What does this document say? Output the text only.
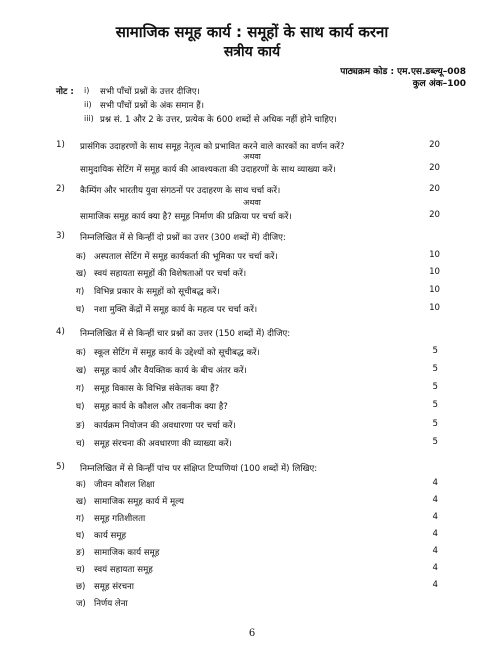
सामाजिक समूह कार्य : समूहों के साथ कार्य करना
सत्रीय कार्य
पाठ्यक्रम कोड : एम.एस.डब्ल्यू–008
कुल अंक–100
नोट : i) सभी पाँचों प्रश्नों के उत्तर दीजिए।
ii) सभी पाँचों प्रश्नों के अंक समान हैं।
iii) प्रश्न सं. 1 और 2 के उत्तर, प्रत्येक के 600 शब्दों से अधिक नहीं होने चाहिए।
1) प्रासंगिक उदाहरणों के साथ समूह नेतृत्व को प्रभावित करने वाले कारकों का वर्णन करें?	20
अथवा
सामुदायिक सेटिंग में समूह कार्य की आवश्यकता की उदाहरणों के साथ व्याख्या करें।	20
2) कैम्पिंग और भारतीय युवा संगठनों पर उदाहरण के साथ चर्चा करें।	20
अथवा
सामाजिक समूह कार्य क्या है? समूह निर्माण की प्रक्रिया पर चर्चा करें।	20
3) निम्नलिखित में से किन्हीं दो प्रश्नों का उत्तर (300 शब्दों में) दीजिए:
क) अस्पताल सेटिंग में समूह कार्यकर्ता की भूमिका पर चर्चा करें।	10
ख) स्वयं सहायता समूहों की विशेषताओं पर चर्चा करें।	10
ग) विभिन्न प्रकार के समूहों को सूचीबद्ध करें।	10
घ) नशा मुक्ति केंद्रों में समूह कार्य के महत्व पर चर्चा करें।	10
4) निम्नलिखित में से किन्हीं चार प्रश्नों का उत्तर (150 शब्दों में) दीजिए:
क) स्कूल सेटिंग में समूह कार्य के उद्देश्यों को सूचीबद्ध करें।	5
ख) समूह कार्य और वैयक्तिक कार्य के बीच अंतर करें।	5
ग) समूह विकास के विभिन्न संकेतक क्या हैं?	5
घ) समूह कार्य के कौशल और तकनीक क्या है?	5
ङ) कार्यक्रम नियोजन की अवधारणा पर चर्चा करें।	5
च) समूह संरचना की अवधारणा की व्याख्या करें।	5
5) निम्नलिखित में से किन्हीं पांच पर संक्षिप्त टिप्पणियां (100 शब्दों में) लिखिए:
क) जीवन कौशल शिक्षा	4
ख) सामाजिक समूह कार्य में मूल्य	4
ग) समूह गतिशीलता	4
घ) कार्य समूह	4
ङ) सामाजिक कार्य समूह	4
च) स्वयं सहायता समूह	4
छ) समूह संरचना	4
ज) निर्णय लेना
6
